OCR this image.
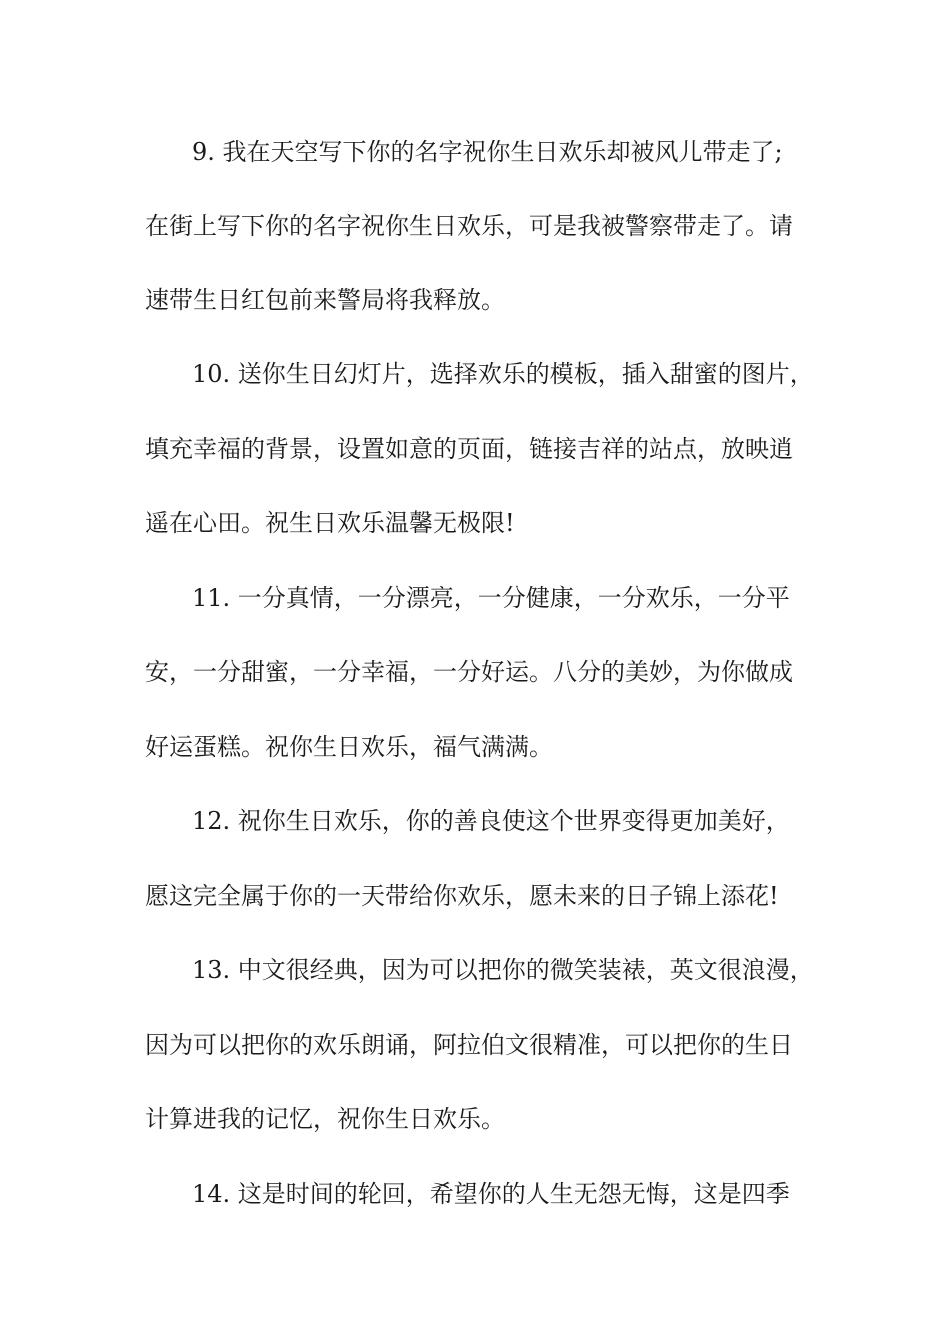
9. 我在天空写下你的名字祝你生日欢乐却被风儿带走了;
在街上写下你的名字祝你生日欢乐，可是我被警察带走了。请
速带生日红包前来警局将我释放。
10. 送你生日幻灯片，选择欢乐的模板，插入甜蜜的图片，
填充幸福的背景，设置如意的页面，链接吉祥的站点，放映逍
遥在心田。祝生日欢乐温馨无极限!
11. 一分真情，一分漂亮，一分健康，一分欢乐，一分平
安，一分甜蜜，一分幸福，一分好运。八分的美妙，为你做成
好运蛋糕。祝你生日欢乐，福气满满。
12. 祝你生日欢乐，你的善良使这个世界变得更加美好，
愿这完全属于你的一天带给你欢乐，愿未来的日子锦上添花!
13. 中文很经典，因为可以把你的微笑装裱，英文很浪漫，
因为可以把你的欢乐朗诵，阿拉伯文很精准，可以把你的生日
计算进我的记忆，祝你生日欢乐。
14. 这是时间的轮回，希望你的人生无怨无悔，这是四季
